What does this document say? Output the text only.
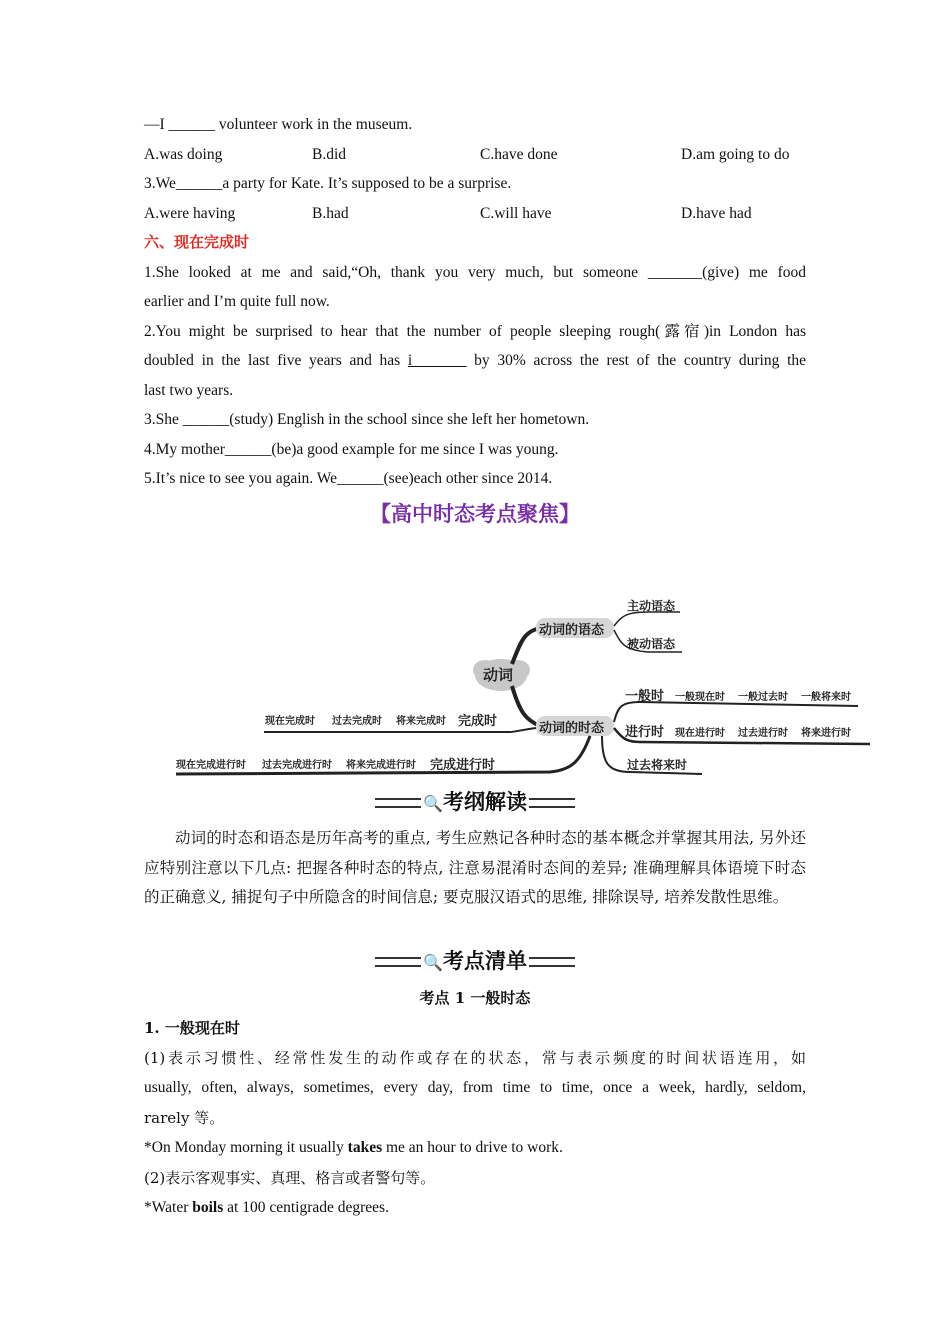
—I ______ volunteer work in the museum.
A.was doing	B.did	C.have done	D.am going to do
3.We______a party for Kate. It’s supposed to be a surprise.
A.were having	B.had	C.will have	D.have had
六、现在完成时
1.She looked at me and said,“Oh, thank you very much, but someone _______(give) me food
earlier and I’m quite full now.
2.You might be surprised to hear that the number of people sleeping rough(露宿)in London has
doubled in the last five years and has i_______ by 30% across the rest of the country during the
last two years.
3.She ______(study) English in the school since she left her hometown.
4.My mother______(be)a good example for me since I was young.
5.It’s nice to see you again. We______(see)each other since 2014.
【高中时态考点聚焦】
动词
动词的语态
主动语态
被动语态
动词的时态
一般时 一般现在时 一般过去时 一般将来时
进行时 现在进行时 过去进行时 将来进行时
过去将来时
完成时
现在完成时 过去完成时 将来完成时
完成进行时
现在完成进行时 过去完成进行时 将来完成进行时
🔍考纲解读
动词的时态和语态是历年高考的重点, 考生应熟记各种时态的基本概念并掌握其用法, 另外还应特别注意以下几点: 把握各种时态的特点, 注意易混淆时态间的差异; 准确理解具体语境下时态的正确意义, 捕捉句子中所隐含的时间信息; 要克服汉语式的思维, 排除误导, 培养发散性思维。
🔍考点清单
考点 1 一般时态
1. 一般现在时
(1)表示习惯性、经常性发生的动作或存在的状态，常与表示频度的时间状语连用，如
usually, often, always, sometimes, every day, from time to time, once a week, hardly, seldom,
rarely 等。
*On Monday morning it usually takes me an hour to drive to work.
(2)表示客观事实、真理、格言或者警句等。
*Water boils at 100 centigrade degrees.
